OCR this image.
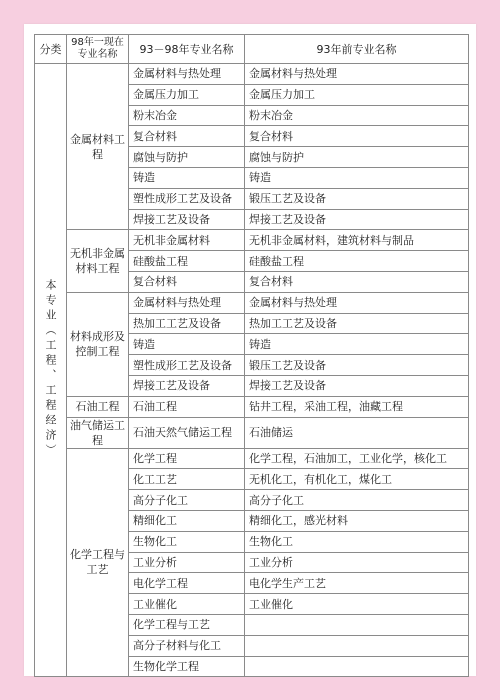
分类	98年一现在专业名称	93－98年专业名称	93年前专业名称
本专业（工程、工程经济）	金属材料工程	金属材料与热处理	金属材料与热处理
		金属压力加工	金属压力加工
		粉末冶金	粉末冶金
		复合材料	复合材料
		腐蚀与防护	腐蚀与防护
		铸造	铸造
		塑性成形工艺及设备	锻压工艺及设备
		焊接工艺及设备	焊接工艺及设备
	无机非金属材料工程	无机非金属材料	无机非金属材料，建筑材料与制品
		硅酸盐工程	硅酸盐工程
		复合材料	复合材料
	材料成形及控制工程	金属材料与热处理	金属材料与热处理
		热加工工艺及设备	热加工工艺及设备
		铸造	铸造
		塑性成形工艺及设备	锻压工艺及设备
		焊接工艺及设备	焊接工艺及设备
	石油工程	石油工程	钻井工程，采油工程，油藏工程
	油气储运工程	石油天然气储运工程	石油储运
	化学工程与工艺	化学工程	化学工程，石油加工，工业化学，核化工
		化工工艺	无机化工，有机化工，煤化工
		高分子化工	高分子化工
		精细化工	精细化工，感光材料
		生物化工	生物化工
		工业分析	工业分析
		电化学工程	电化学生产工艺
		工业催化	工业催化
		化学工程与工艺	
		高分子材料与化工	
		生物化学工程	
